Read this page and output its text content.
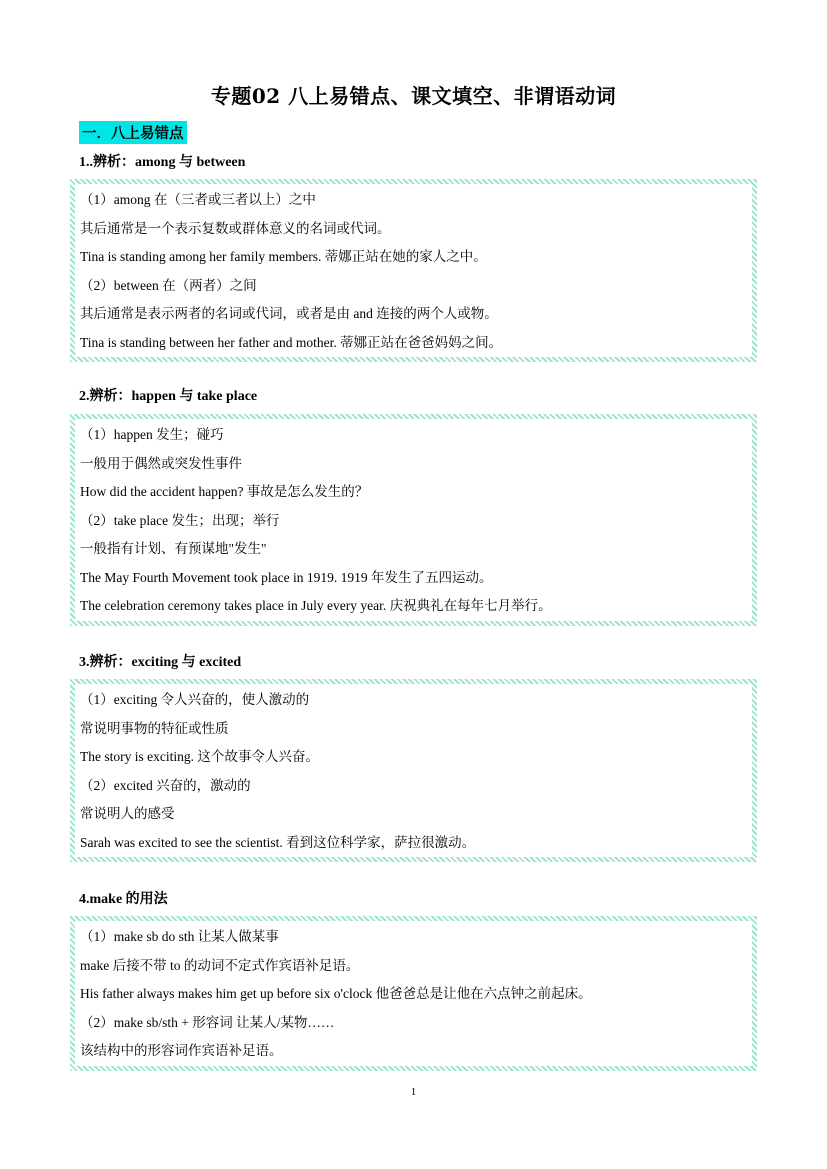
专题02 八上易错点、课文填空、非谓语动词
一．八上易错点
1..辨析：among 与 between
（1）among 在（三者或三者以上）之中
其后通常是一个表示复数或群体意义的名词或代词。
Tina is standing among her family members. 蒂娜正站在她的家人之中。
（2）between 在（两者）之间
其后通常是表示两者的名词或代词，或者是由 and 连接的两个人或物。
Tina is standing between her father and mother. 蒂娜正站在爸爸妈妈之间。
2.辨析：happen 与 take place
（1）happen 发生；碰巧
一般用于偶然或突发性事件
How did the accident happen? 事故是怎么发生的？
（2）take place 发生；出现；举行
一般指有计划、有预谋地"发生"
The May Fourth Movement took place in 1919. 1919 年发生了五四运动。
The celebration ceremony takes place in July every year. 庆祝典礼在每年七月举行。
3.辨析：exciting 与 excited
（1）exciting 令人兴奋的，使人激动的
常说明事物的特征或性质
The story is exciting. 这个故事令人兴奋。
（2）excited 兴奋的，激动的
常说明人的感受
Sarah was excited to see the scientist. 看到这位科学家，萨拉很激动。
4.make 的用法
（1）make sb do sth 让某人做某事
make 后接不带 to 的动词不定式作宾语补足语。
His father always makes him get up before six o'clock 他爸爸总是让他在六点钟之前起床。
（2）make sb/sth + 形容词 让某人/某物……
该结构中的形容词作宾语补足语。
1
